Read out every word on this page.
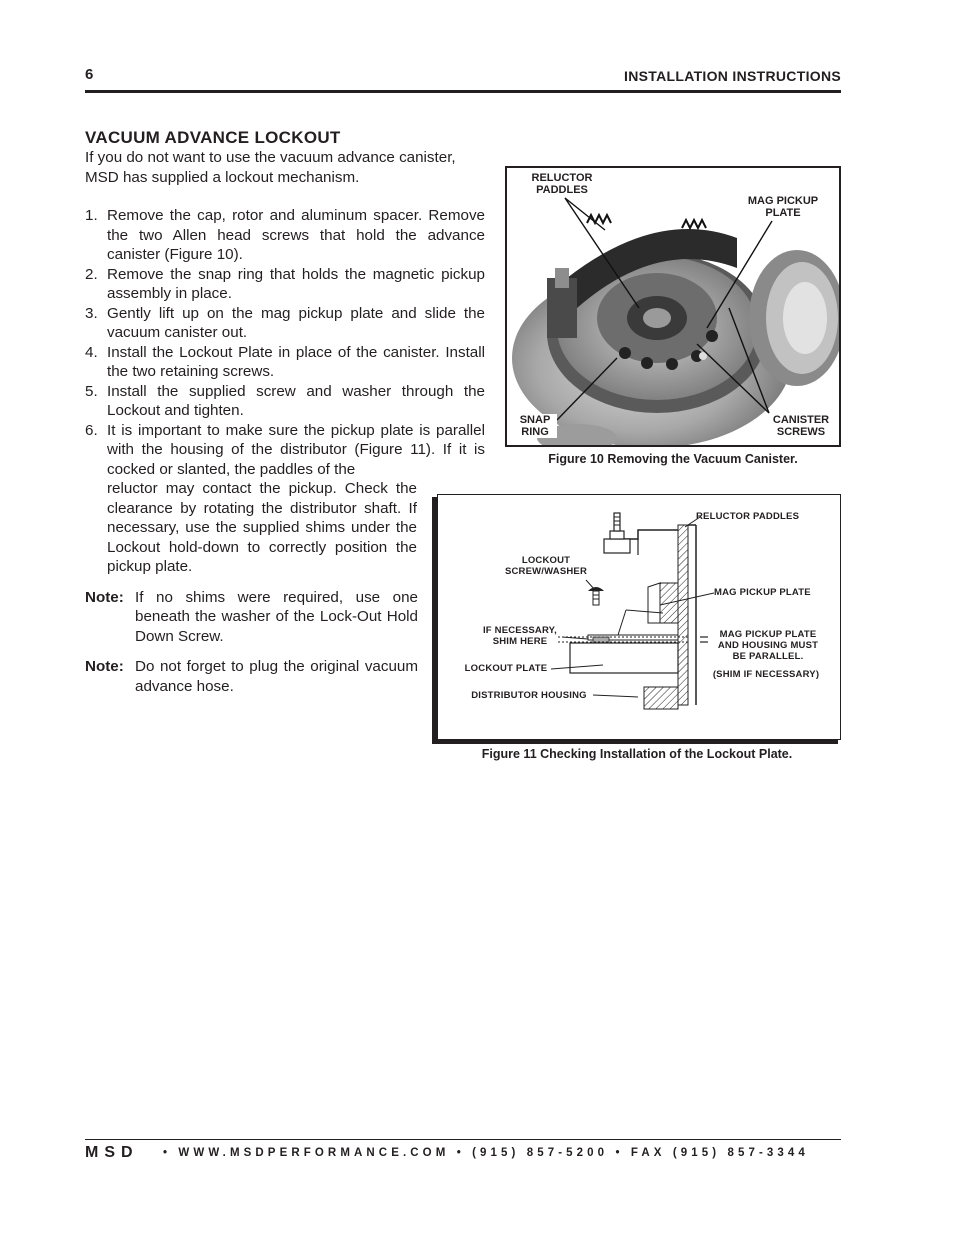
6	INSTALLATION INSTRUCTIONS
VACUUM ADVANCE LOCKOUT

If you do not want to use the vacuum advance canister, MSD has supplied a lockout mechanism.

1. Remove the cap, rotor and aluminum spacer. Remove the two Allen head screws that hold the advance canister (Figure 10).
2. Remove the snap ring that holds the magnetic pickup assembly in place.
3. Gently lift up on the mag pickup plate and slide the vacuum canister out.
4. Install the Lockout Plate in place of the canister. Install the two retaining screws.
5. Install the supplied screw and washer through the Lockout and tighten.
6. It is important to make sure the pickup plate is parallel with the housing of the distributor (Figure 11). If it is cocked or slanted, the paddles of the
reluctor may contact the pickup. Check the clearance by rotating the distributor shaft. If necessary, use the supplied shims under the Lockout hold-down to correctly position the pickup plate.

Note: If no shims were required, use one beneath the washer of the Lock-Out Hold Down Screw.

Note: Do not forget to plug the original vacuum advance hose.

RELUCTOR
PADDLES
MAG PICKUP
PLATE
SNAP
RING
CANISTER
SCREWS
Figure 10 Removing the Vacuum Canister.
RELUCTOR PADDLES
LOCKOUT
SCREW/WASHER
MAG PICKUP PLATE
IF NECESSARY,
SHIM HERE
MAG PICKUP PLATE
AND HOUSING MUST
BE PARALLEL.
(SHIM IF NECESSARY)
LOCKOUT PLATE
DISTRIBUTOR HOUSING
Figure 11 Checking Installation of the Lockout Plate.
MSD • WWW.MSDPERFORMANCE.COM • (915) 857-5200 • FAX (915) 857-3344
